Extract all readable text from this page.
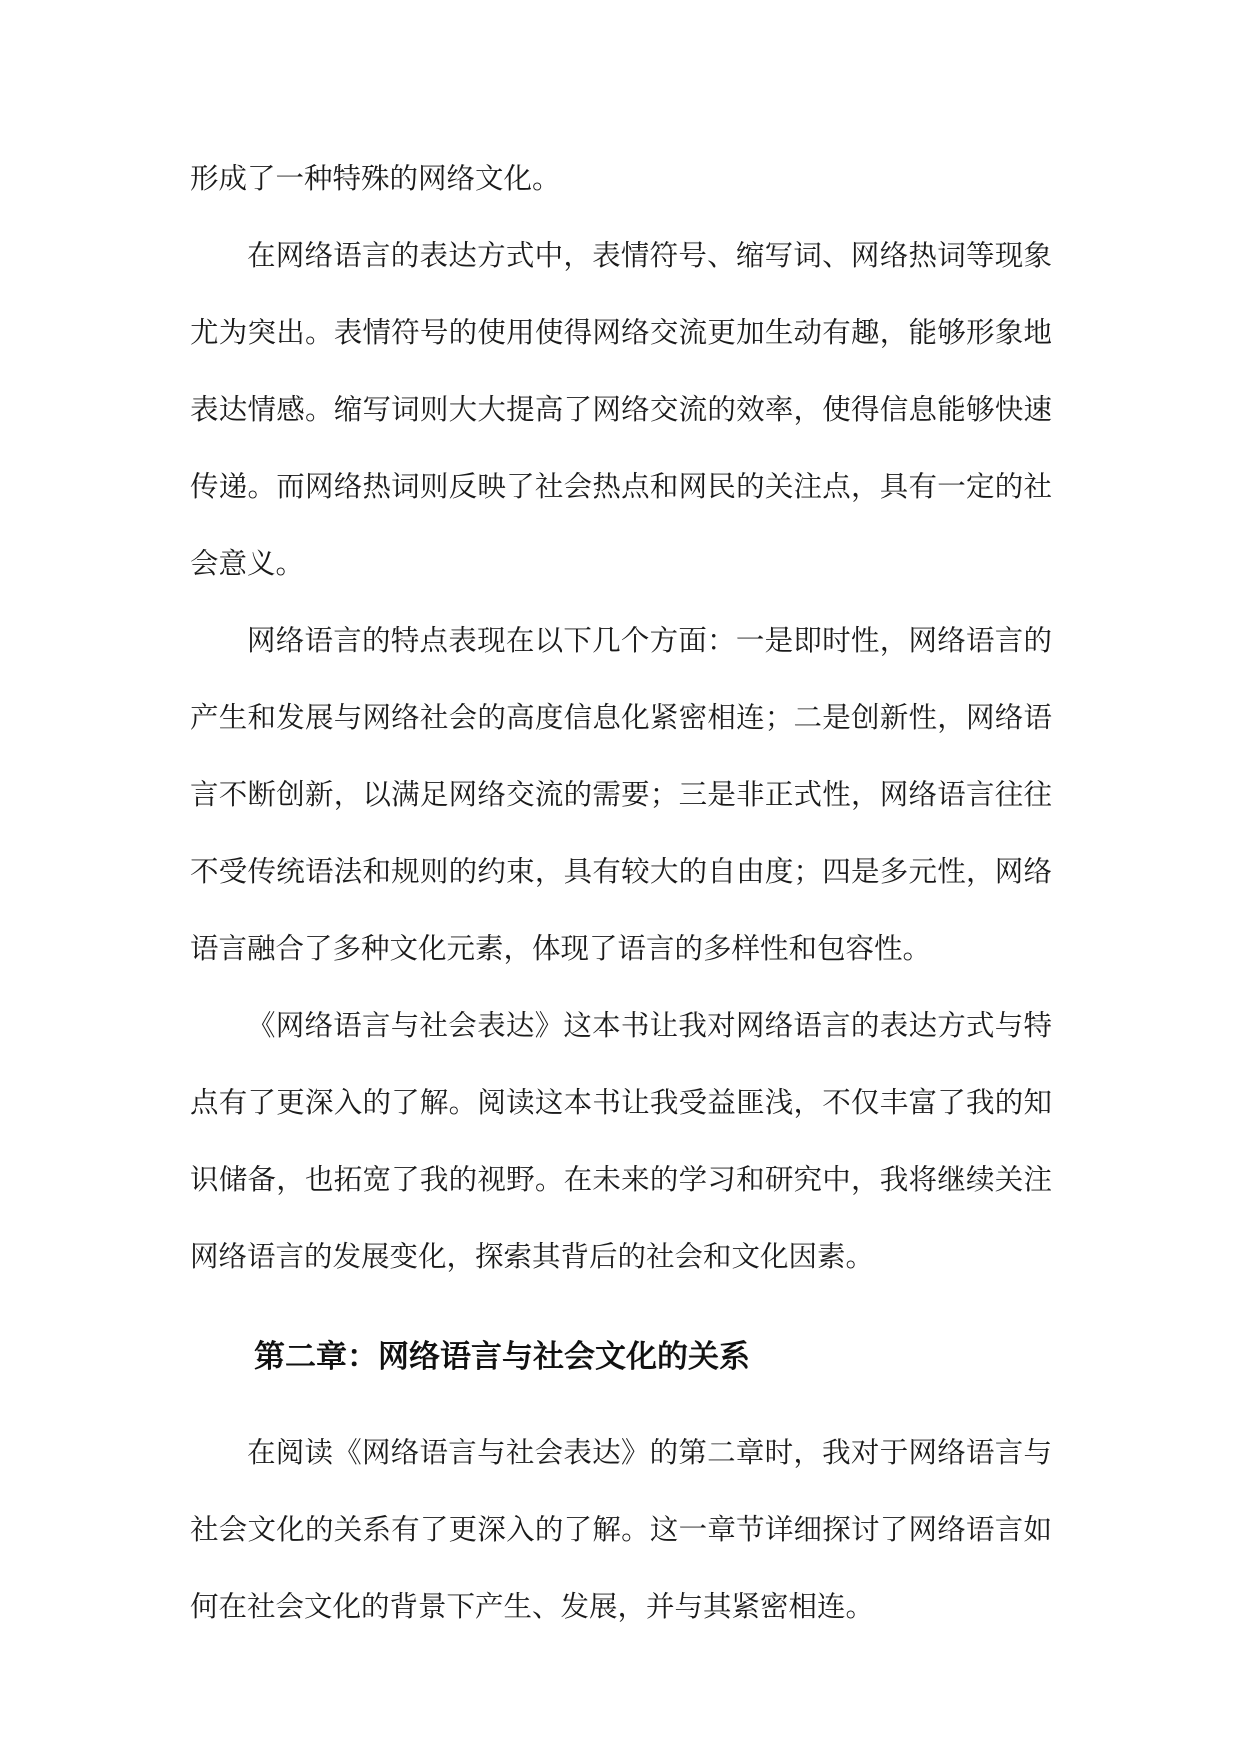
形成了一种特殊的网络文化。

在网络语言的表达方式中，表情符号、缩写词、网络热词等现象尤为突出。表情符号的使用使得网络交流更加生动有趣，能够形象地表达情感。缩写词则大大提高了网络交流的效率，使得信息能够快速传递。而网络热词则反映了社会热点和网民的关注点，具有一定的社会意义。

网络语言的特点表现在以下几个方面：一是即时性，网络语言的产生和发展与网络社会的高度信息化紧密相连；二是创新性，网络语言不断创新，以满足网络交流的需要；三是非正式性，网络语言往往不受传统语法和规则的约束，具有较大的自由度；四是多元性，网络语言融合了多种文化元素，体现了语言的多样性和包容性。

《网络语言与社会表达》这本书让我对网络语言的表达方式与特点有了更深入的了解。阅读这本书让我受益匪浅，不仅丰富了我的知识储备，也拓宽了我的视野。在未来的学习和研究中，我将继续关注网络语言的发展变化，探索其背后的社会和文化因素。

第二章：网络语言与社会文化的关系

在阅读《网络语言与社会表达》的第二章时，我对于网络语言与社会文化的关系有了更深入的了解。这一章节详细探讨了网络语言如何在社会文化的背景下产生、发展，并与其紧密相连。
